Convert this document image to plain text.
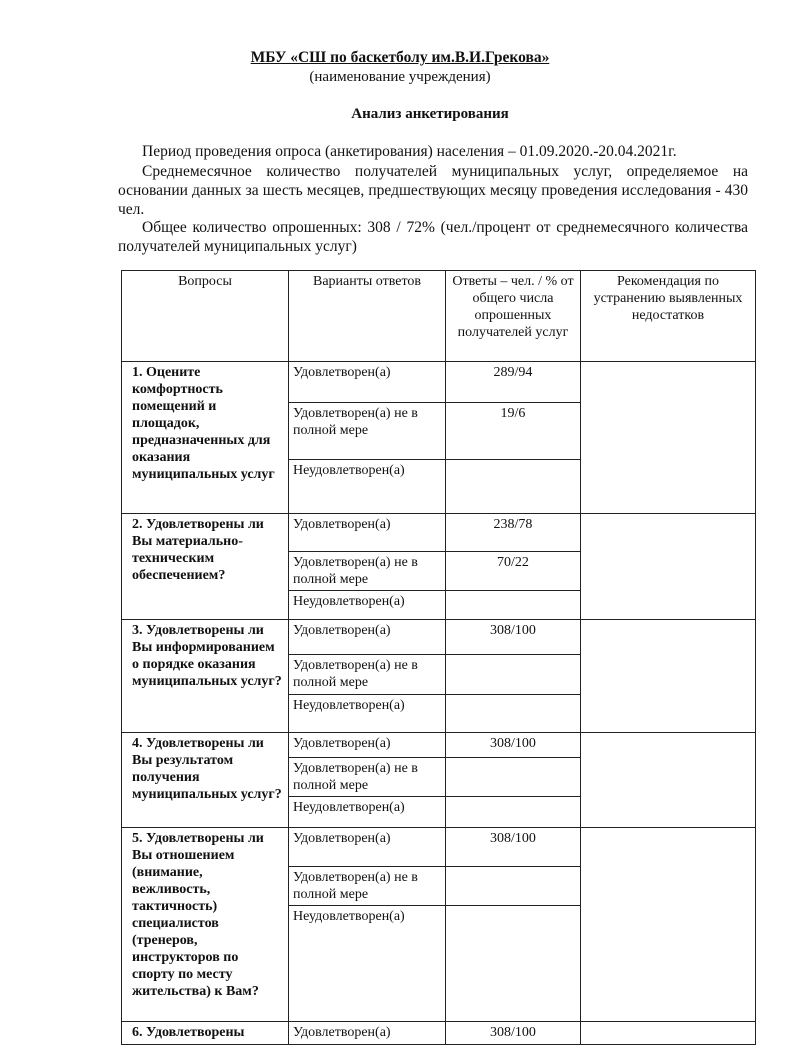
МБУ «СШ по баскетболу им.В.И.Грекова»
(наименование учреждения)
Анализ анкетирования
Период проведения опроса (анкетирования) населения – 01.09.2020.-20.04.2021г.
Среднемесячное количество получателей муниципальных услуг, определяемое на основании данных за шесть месяцев, предшествующих месяцу проведения исследования - 430 чел.
Общее количество опрошенных: 308 / 72% (чел./процент от среднемесячного количества получателей муниципальных услуг)
Вопросы	Варианты ответов	Ответы – чел. / % от общего числа опрошенных получателей услуг	Рекомендация по устранению выявленных недостатков
1. Оцените комфортность помещений и площадок, предназначенных для оказания муниципальных услуг	Удовлетворен(а)	289/94	
	Удовлетворен(а) не в полной мере	19/6	
	Неудовлетворен(а)		
2. Удовлетворены ли Вы материально-техническим обеспечением?	Удовлетворен(а)	238/78	
	Удовлетворен(а) не в полной мере	70/22	
	Неудовлетворен(а)		
3. Удовлетворены ли Вы информированием о порядке оказания муниципальных услуг?	Удовлетворен(а)	308/100	
	Удовлетворен(а) не в полной мере		
	Неудовлетворен(а)		
4. Удовлетворены ли Вы результатом получения муниципальных услуг?	Удовлетворен(а)	308/100	
	Удовлетворен(а) не в полной мере		
	Неудовлетворен(а)		
5. Удовлетворены ли Вы отношением (внимание, вежливость, тактичность) специалистов (тренеров, инструкторов по спорту по месту жительства) к Вам?	Удовлетворен(а)	308/100	
	Удовлетворен(а) не в полной мере		
	Неудовлетворен(а)		
6. Удовлетворены	Удовлетворен(а)	308/100	
